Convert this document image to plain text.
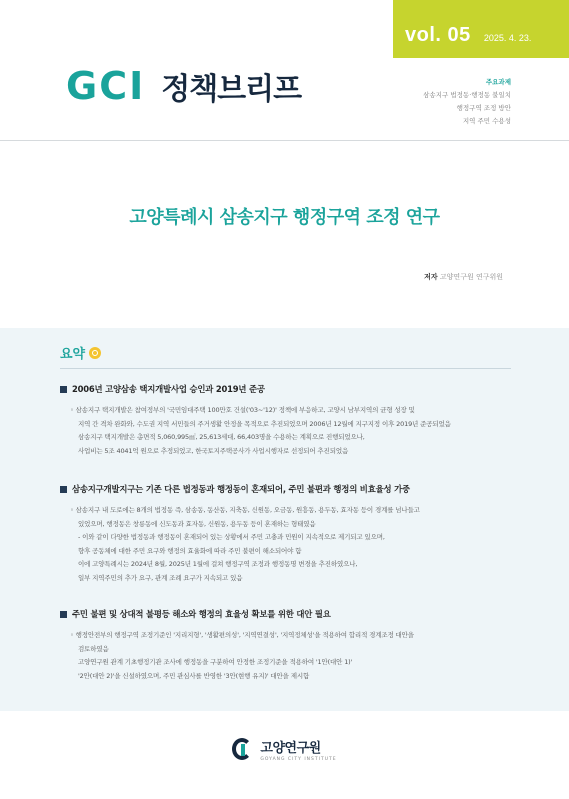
vol. 05 2025. 4. 23.
GCI 정책브리프	주요과제
삼송지구 법정동·행정동 불일치
행정구역 조정 방안
지역 주민 수용성
고양특례시 삼송지구 행정구역 조정 연구
저자 고양연구원 연구위원
요약
2006년 고양삼송 택지개발사업 승인과 2019년 준공

◦ 삼송지구 택지개발은 참여정부의 '국민임대주택 100만호 건설('03~'12)' 정책에 부응하고, 고양시 남부지역의 균형 성장 및

지역 간 격차 완화와, 수도권 지역 서민들의 주거생활 안정을 목적으로 추진되었으며 2006년 12월에 지구지정 이후 2019년 준공되었음

삼송지구 택지개발은 총면적 5,060,995㎡, 25,613세대, 66,403명을 수용하는 계획으로 진행되었으나,

사업비는 5조 4041억 원으로 추정되었고, 한국토지주택공사가 사업시행자로 선정되어 추진되었음

삼송지구개발지구는 기존 다른 법정동과 행정동이 혼재되어, 주민 불편과 행정의 비효율성 가중

◦ 삼송지구 내 도로에는 8개의 법정동 즉, 삼송동, 동산동, 지축동, 신원동, 오금동, 원흥동, 용두동, 효자동 등이 경계를 넘나들고

있었으며, 행정동은 창릉동에 신도동과 효자동, 신원동, 용두동 등이 혼재하는 형태였음

- 이와 같이 다양한 법정동과 행정동이 혼재되어 있는 상황에서 주민 고충과 민원이 지속적으로 제기되고 있으며,

향후 공동체에 대한 주민 요구와 행정의 효율화에 따라 주민 불편이 해소되어야 함

이에 고양특례시는 2024년 8월, 2025년 1월에 걸쳐 행정구역 조정과 행정동명 변경을 추진하였으나,

일부 지역주민의 추가 요구, 관계 조례 요구가 지속되고 있음

주민 불편 및 상대적 불평등 해소와 행정의 효율성 확보를 위한 대안 필요

◦ 행정안전부의 행정구역 조정기준인 '지리지형', '생활편의성', '지역연결성', '지역정체성'을 적용하여 합리적 경계조정 대안을

검토하였음

고양연구원 관계 기초행정기관 조사에 행정동을 구분하여 안정한 조정기준을 적용하여 '1안(대안 1)'

'2안(대안 2)'을 신설하였으며, 주민 관심사를 반영한 '3안(현행 유지)' 대안을 제시함

고양연구원
GOYANG CITY INSTITUTE
